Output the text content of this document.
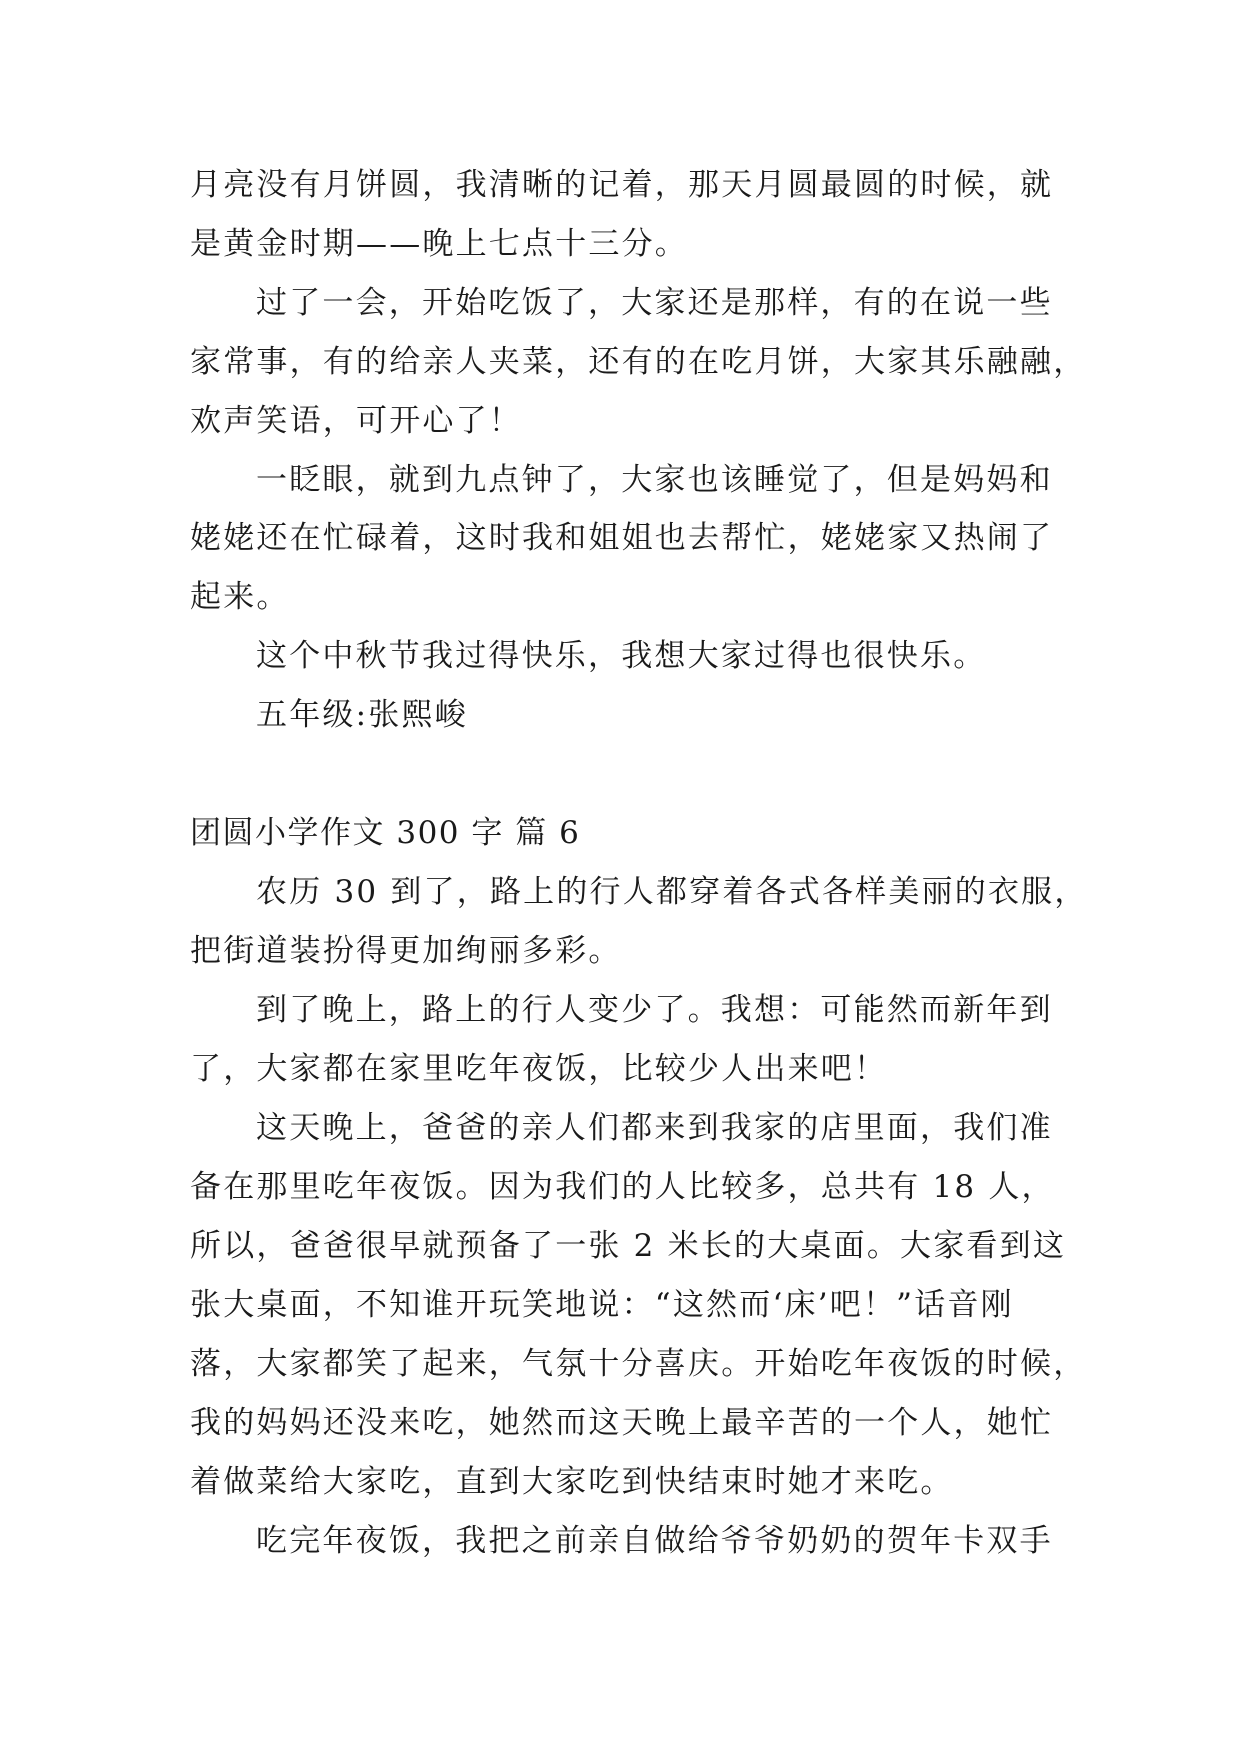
月亮没有月饼圆，我清晰的记着，那天月圆最圆的时候，就

是黄金时期——晚上七点十三分。

过了一会，开始吃饭了，大家还是那样，有的在说一些

家常事，有的给亲人夹菜，还有的在吃月饼，大家其乐融融，

欢声笑语，可开心了！

一眨眼，就到九点钟了，大家也该睡觉了，但是妈妈和

姥姥还在忙碌着，这时我和姐姐也去帮忙，姥姥家又热闹了

起来。

这个中秋节我过得快乐，我想大家过得也很快乐。

五年级:张熙峻

团圆小学作文 300 字 篇 6

农历 30 到了，路上的行人都穿着各式各样美丽的衣服，

把街道装扮得更加绚丽多彩。

到了晚上，路上的行人变少了。我想：可能然而新年到

了，大家都在家里吃年夜饭，比较少人出来吧！

这天晚上，爸爸的亲人们都来到我家的店里面，我们准

备在那里吃年夜饭。因为我们的人比较多，总共有 18 人，

所以，爸爸很早就预备了一张 2 米长的大桌面。大家看到这

张大桌面，不知谁开玩笑地说：“这然而‘床’吧！”话音刚

落，大家都笑了起来，气氛十分喜庆。开始吃年夜饭的时候，

我的妈妈还没来吃，她然而这天晚上最辛苦的一个人，她忙

着做菜给大家吃，直到大家吃到快结束时她才来吃。

吃完年夜饭，我把之前亲自做给爷爷奶奶的贺年卡双手
